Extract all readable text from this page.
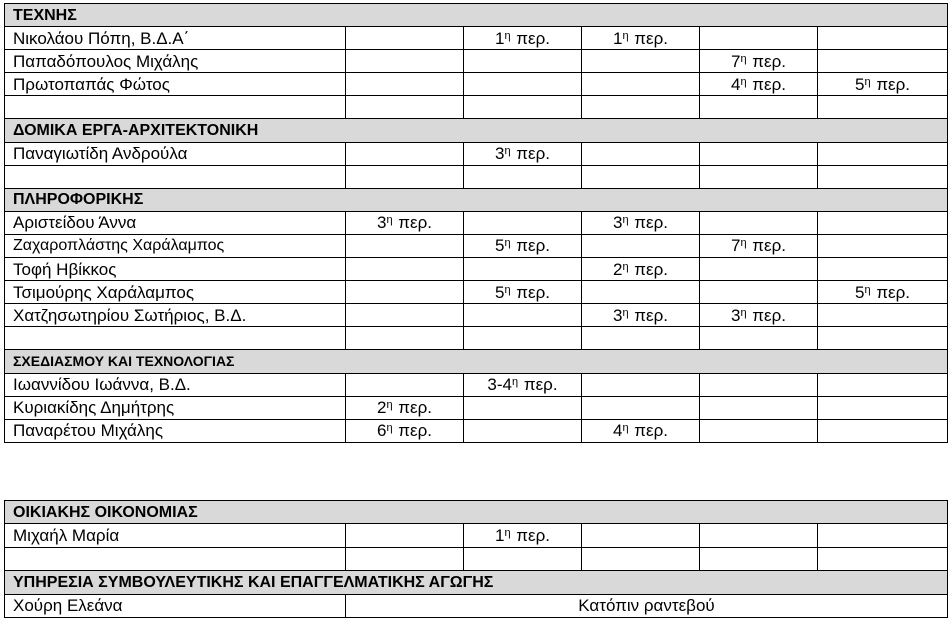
ΤΕΧΝΗΣ					
Νικολάου Πόπη, Β.Δ.Α΄		$1^\eta$ περ.	$1^\eta$ περ.		
Παπαδόπουλος Μιχάλης				$7^\eta$ περ.	
Πρωτοπαπάς Φώτος				$4^\eta$ περ.	$5^\eta$ περ.

ΔΟΜΙΚΑ ΕΡΓΑ-ΑΡΧΙΤΕΚΤΟΝΙΚΗ					
Παναγιωτίδη Ανδρούλα		$3^\eta$ περ.			

ΠΛΗΡΟΦΟΡΙΚΗΣ					
Αριστείδου Άννα	$3^\eta$ περ.		$3^\eta$ περ.		
Ζαχαροπλάστης Χαράλαμπος		$5^\eta$ περ.		$7^\eta$ περ.	
Τοφή Ηβίκκος			$2^\eta$ περ.		
Τσιμούρης Χαράλαμπος		$5^\eta$ περ.			$5^\eta$ περ.
Χατζησωτηρίου Σωτήριος, Β.Δ.			$3^\eta$ περ.	$3^\eta$ περ.	

ΣΧΕΔΙΑΣΜΟΥ ΚΑΙ ΤΕΧΝΟΛΟΓΙΑΣ					
Ιωαννίδου Ιωάννα, Β.Δ.		$3-4^\eta$ περ.			
Κυριακίδης Δημήτρης	$2^\eta$ περ.				
Παναρέτου Μιχάλης	$6^\eta$ περ.		$4^\eta$ περ.		
ΟΙΚΙΑΚΗΣ ΟΙΚΟΝΟΜΙΑΣ					
Μιχαήλ Μαρία		$1^\eta$ περ.			

ΥΠΗΡΕΣΙΑ ΣΥΜΒΟΥΛΕΥΤΙΚΗΣ ΚΑΙ ΕΠΑΓΓΕΛΜΑΤΙΚΗΣ ΑΓΩΓΗΣ					
Χούρη Ελεάνα	Κατόπιν ραντεβού				
